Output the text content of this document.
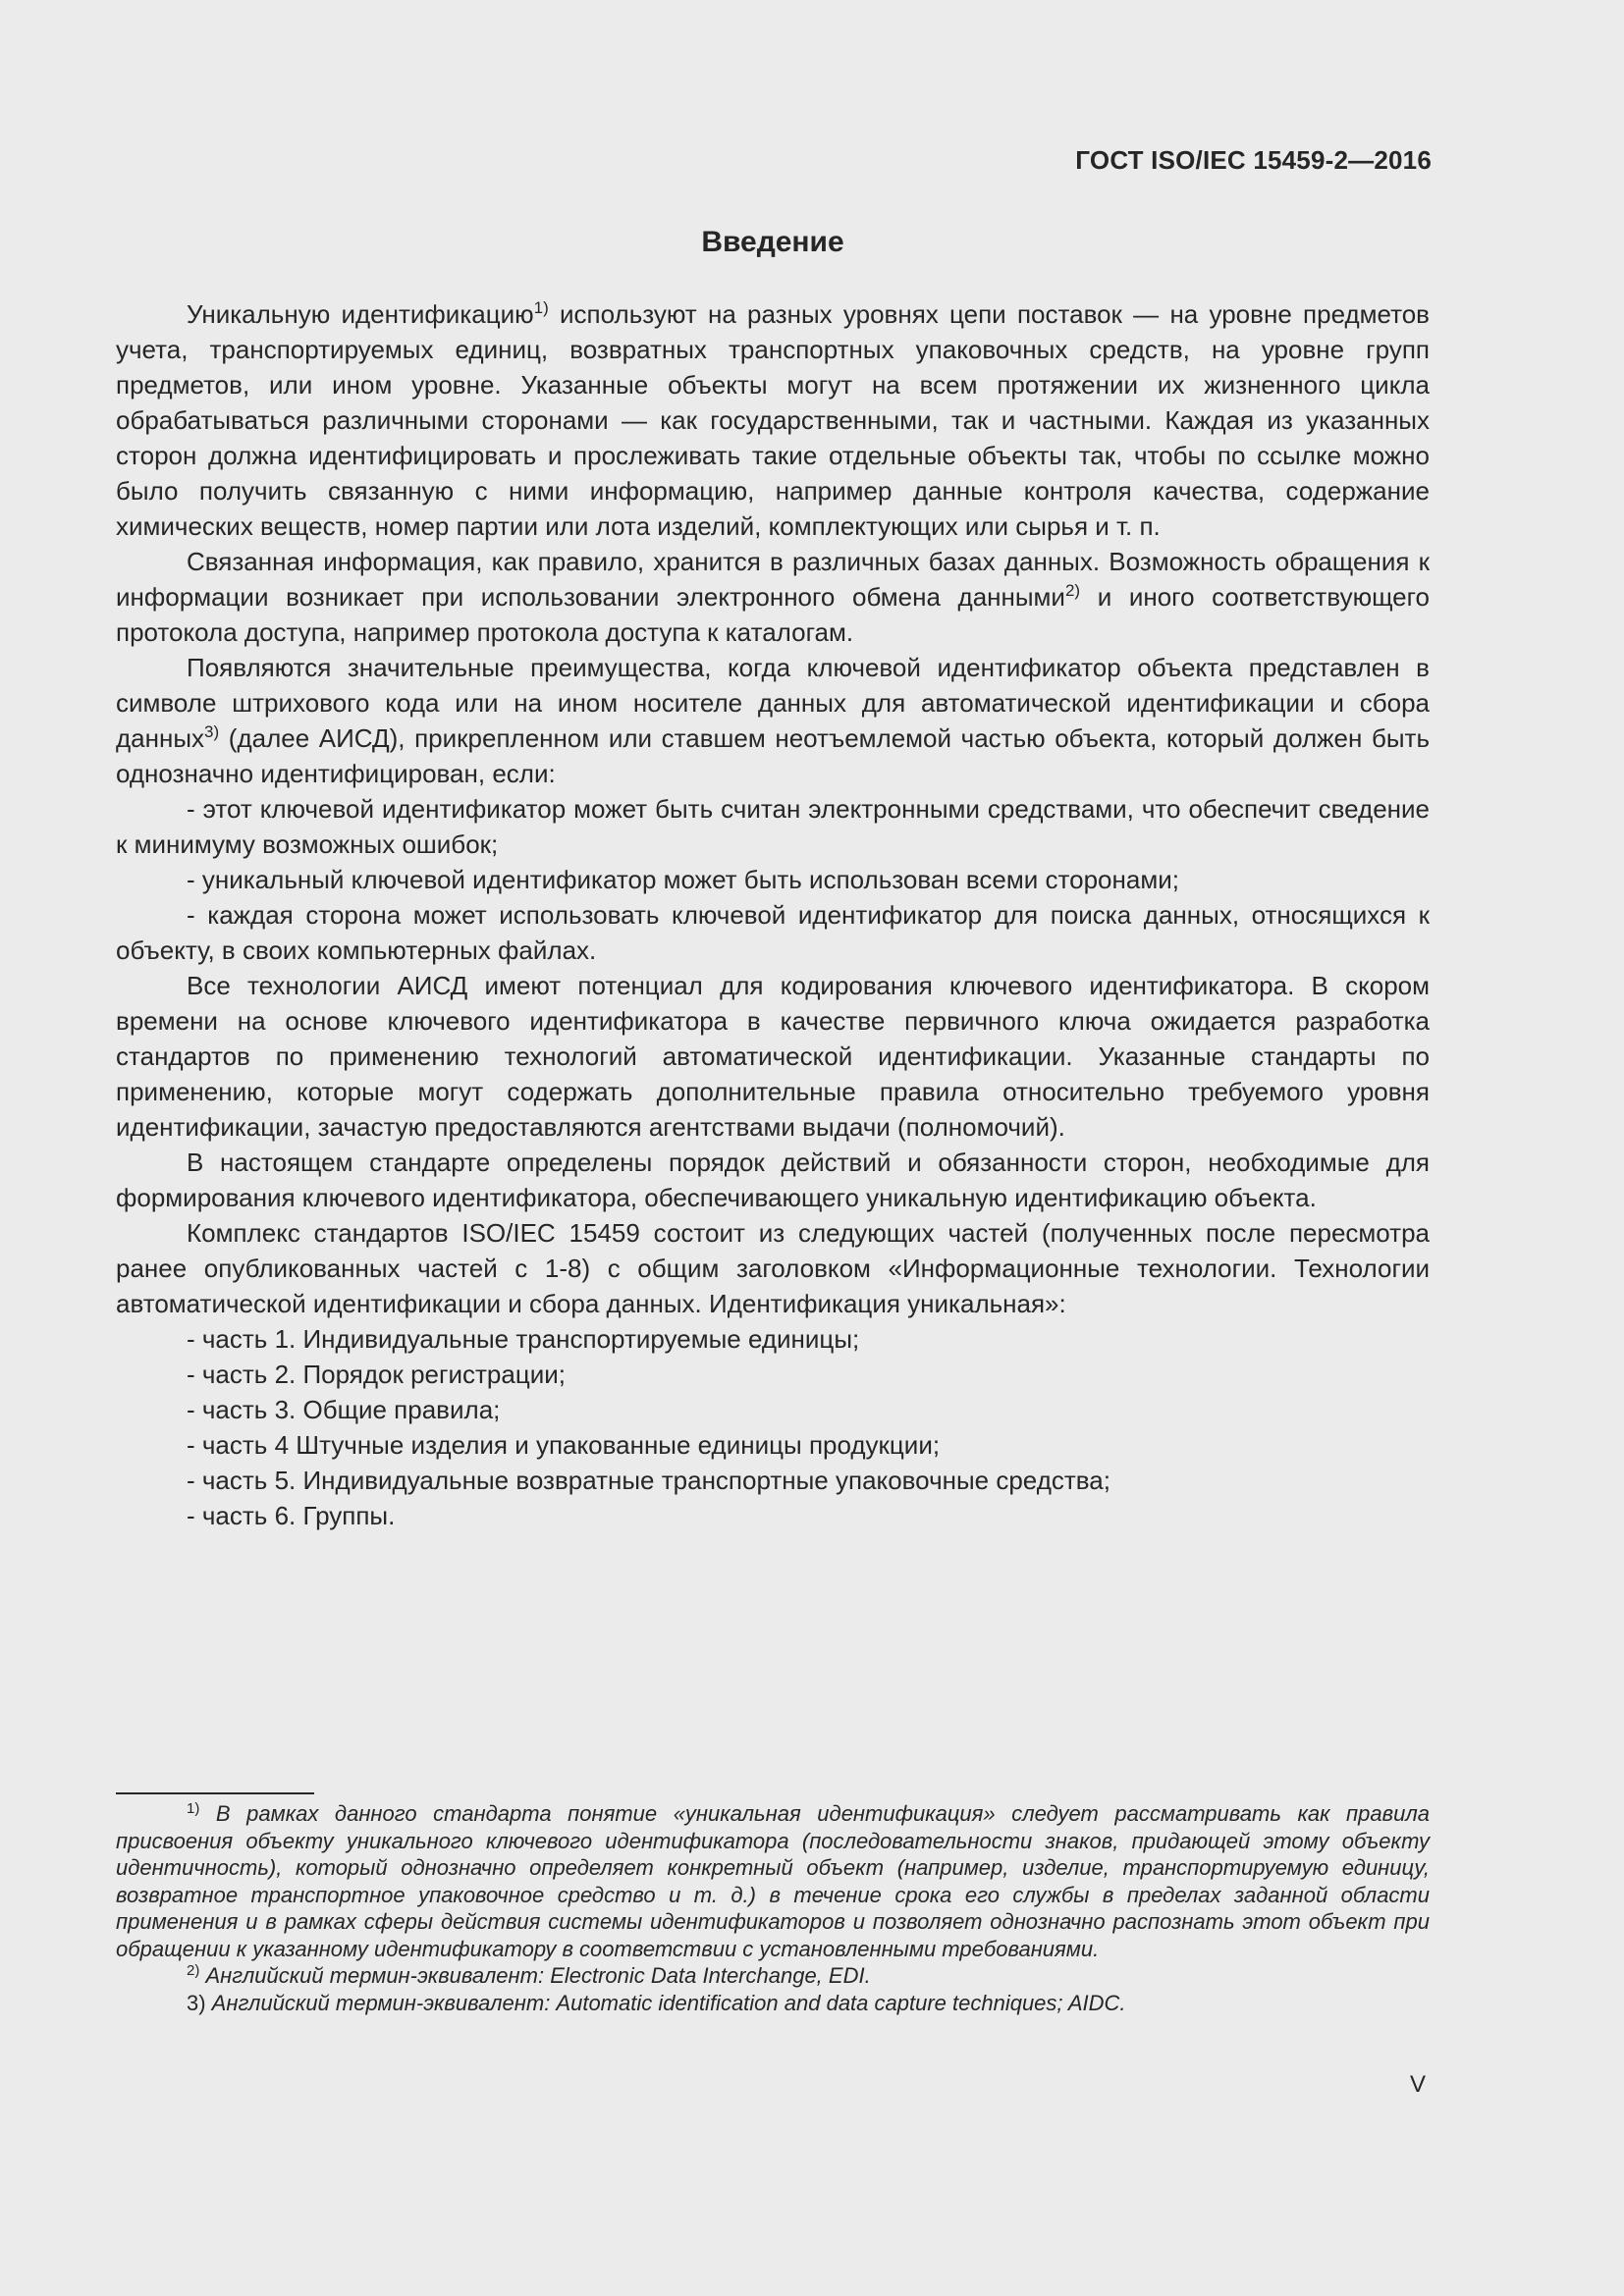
ГОСТ ISO/IEC 15459-2—2016
Введение

Уникальную идентификацию$^{1)}$ используют на разных уровнях цепи поставок — на уровне предметов учета, транспортируемых единиц, возвратных транспортных упаковочных средств, на уровне групп предметов, или ином уровне. Указанные объекты могут на всем протяжении их жизненного цикла обрабатываться различными сторонами — как государственными, так и частными. Каждая из указанных сторон должна идентифицировать и прослеживать такие отдельные объекты так, чтобы по ссылке можно было получить связанную с ними информацию, например данные контроля качества, содержание химических веществ, номер партии или лота изделий, комплектующих или сырья и т. п.

Связанная информация, как правило, хранится в различных базах данных. Возможность обращения к информации возникает при использовании электронного обмена данными$^{2)}$ и иного соответствующего протокола доступа, например протокола доступа к каталогам.

Появляются значительные преимущества, когда ключевой идентификатор объекта представлен в символе штрихового кода или на ином носителе данных для автоматической идентификации и сбора данных$^{3)}$ (далее АИСД), прикрепленном или ставшем неотъемлемой частью объекта, который должен быть однозначно идентифицирован, если:

- этот ключевой идентификатор может быть считан электронными средствами, что обеспечит сведение к минимуму возможных ошибок;

- уникальный ключевой идентификатор может быть использован всеми сторонами;

- каждая сторона может использовать ключевой идентификатор для поиска данных, относящихся к объекту, в своих компьютерных файлах.

Все технологии АИСД имеют потенциал для кодирования ключевого идентификатора. В скором времени на основе ключевого идентификатора в качестве первичного ключа ожидается разработка стандартов по применению технологий автоматической идентификации. Указанные стандарты по применению, которые могут содержать дополнительные правила относительно требуемого уровня идентификации, зачастую предоставляются агентствами выдачи (полномочий).

В настоящем стандарте определены порядок действий и обязанности сторон, необходимые для формирования ключевого идентификатора, обеспечивающего уникальную идентификацию объекта.

Комплекс стандартов ISO/IEC 15459 состоит из следующих частей (полученных после пересмотра ранее опубликованных частей с 1-8) с общим заголовком «Информационные технологии. Технологии автоматической идентификации и сбора данных. Идентификация уникальная»:

- часть 1. Индивидуальные транспортируемые единицы;

- часть 2. Порядок регистрации;

- часть 3. Общие правила;

- часть 4 Штучные изделия и упакованные единицы продукции;

- часть 5. Индивидуальные возвратные транспортные упаковочные средства;

- часть 6. Группы.

$^{1)}$ В рамках данного стандарта понятие «уникальная идентификация» следует рассматривать как правила присвоения объекту уникального ключевого идентификатора (последовательности знаков, придающей этому объекту идентичность), который однозначно определяет конкретный объект (например, изделие, транспортируемую единицу, возвратное транспортное упаковочное средство и т. д.) в течение срока его службы в пределах заданной области применения и в рамках сферы действия системы идентификаторов и позволяет однозначно распознать этот объект при обращении к указанному идентификатору в соответствии с установленными требованиями.

$^{2)}$ Английский термин-эквивалент: Electronic Data Interchange, EDI.

3) Английский термин-эквивалент: Automatic identification and data capture techniques; AIDC.

V
